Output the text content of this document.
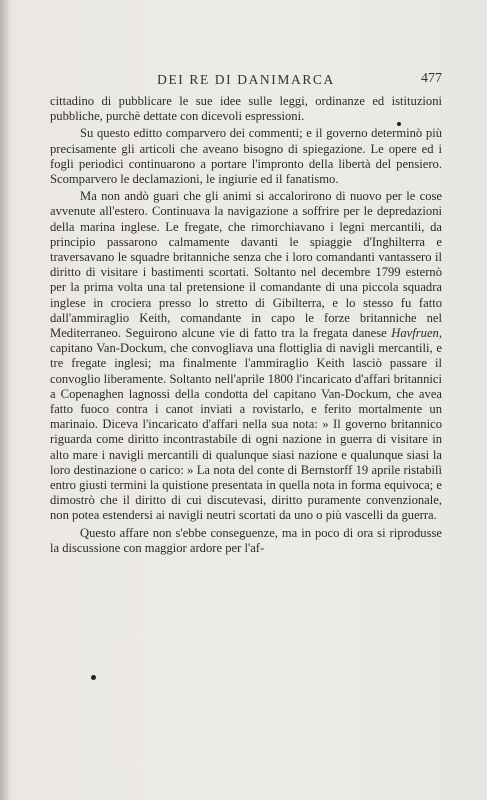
DEI RE DI DANIMARCA	477

cittadino di pubblicare le sue idee sulle leggi, ordinanze ed istituzioni pubbliche, purchè dettate con dicevoli espressioni.

Su questo editto comparvero dei commenti; e il governo determinò più precisamente gli articoli che aveano bisogno di spiegazione. Le opere ed i fogli periodici continuarono a portare l'impronto della libertà del pensiero. Scomparvero le declamazioni, le ingiurie ed il fanatismo.

Ma non andò guari che gli animi si accalorirono di nuovo per le cose avvenute all'estero. Continuava la navigazione a soffrire per le depredazioni della marina inglese. Le fregate, che rimorchiavano i legni mercantili, da principio passarono calmamente davanti le spiaggie d'Inghilterra e traversavano le squadre britanniche senza che i loro comandanti vantassero il diritto di visitare i bastimenti scortati. Soltanto nel decembre 1799 esternò per la prima volta una tal pretensione il comandante di una piccola squadra inglese in crociera presso lo stretto di Gibilterra, e lo stesso fu fatto dall'ammiraglio Keith, comandante in capo le forze britanniche nel Mediterraneo. Seguirono alcune vie di fatto tra la fregata danese Havfruen, capitano Van-Dockum, che convogliava una flottiglia di navigli mercantili, e tre fregate inglesi; ma finalmente l'ammiraglio Keith lasciò passare il convoglio liberamente. Soltanto nell'aprile 1800 l'incaricato d'affari britannici a Copenaghen lagnossi della condotta del capitano Van-Dockum, che avea fatto fuoco contra i canot inviati a rovistarlo, e ferito mortalmente un marinaio. Diceva l'incaricato d'affari nella sua nota: » Il governo britannico riguarda come diritto incontrastabile di ogni nazione in guerra di visitare in alto mare i navigli mercantili di qualunque siasi nazione e qualunque siasi la loro destinazione o carico: » La nota del conte di Bernstorff 19 aprile ristabilì entro giusti termini la quistione presentata in quella nota in forma equivoca; e dimostrò che il diritto di cui discutevasi, diritto puramente convenzionale, non potea estendersi ai navigli neutri scortati da uno o più vascelli da guerra.

Questo affare non s'ebbe conseguenze, ma in poco di ora si riprodusse la discussione con maggior ardore per l'af-
